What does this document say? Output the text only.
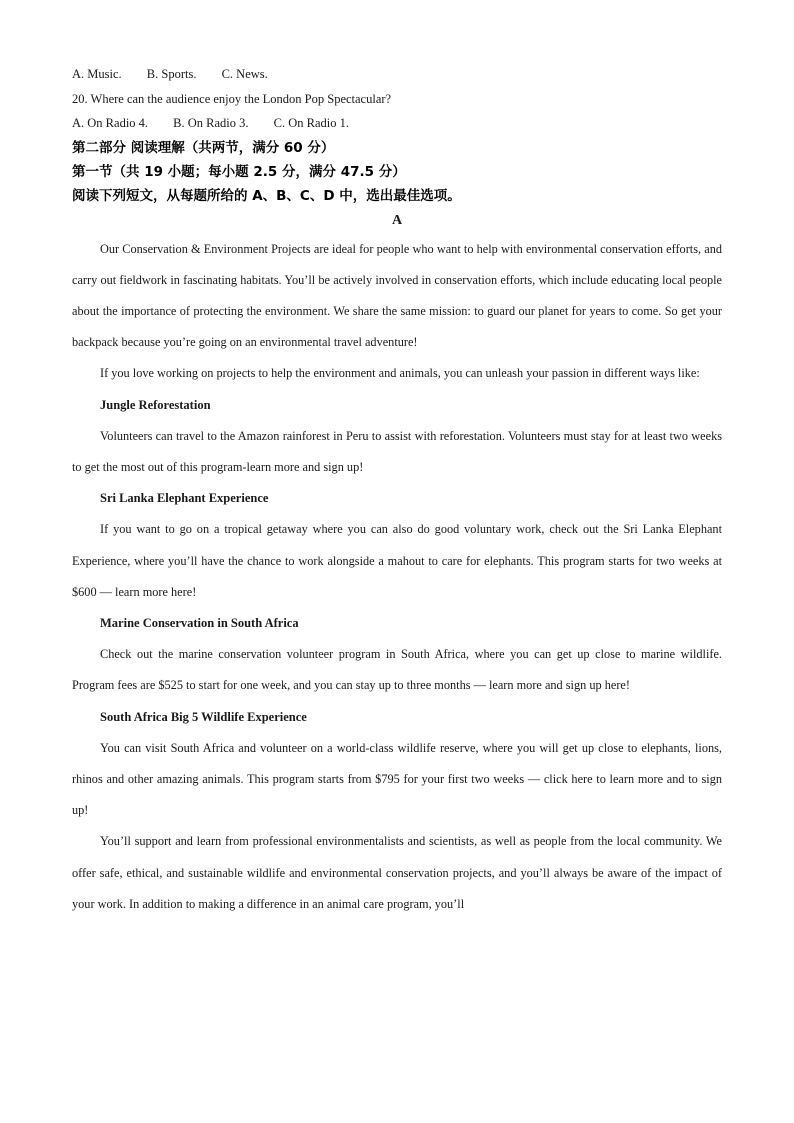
A. Music. B. Sports. C. News.
20. Where can the audience enjoy the London Pop Spectacular?
A. On Radio 4. B. On Radio 3. C. On Radio 1.
第二部分 阅读理解（共两节，满分 60 分）
第一节（共 19 小题；每小题 2.5 分，满分 47.5 分）
阅读下列短文，从每题所给的 A、B、C、D 中，选出最佳选项。
A

Our Conservation & Environment Projects are ideal for people who want to help with environmental conservation efforts, and carry out fieldwork in fascinating habitats. You’ll be actively involved in conservation efforts, which include educating local people about the importance of protecting the environment. We share the same mission: to guard our planet for years to come. So get your backpack because you’re going on an environmental travel adventure!

If you love working on projects to help the environment and animals, you can unleash your passion in different ways like:

Jungle Reforestation

Volunteers can travel to the Amazon rainforest in Peru to assist with reforestation. Volunteers must stay for at least two weeks to get the most out of this program-learn more and sign up!

Sri Lanka Elephant Experience

If you want to go on a tropical getaway where you can also do good voluntary work, check out the Sri Lanka Elephant Experience, where you’ll have the chance to work alongside a mahout to care for elephants. This program starts for two weeks at $600 — learn more here!

Marine Conservation in South Africa

Check out the marine conservation volunteer program in South Africa, where you can get up close to marine wildlife. Program fees are $525 to start for one week, and you can stay up to three months — learn more and sign up here!

South Africa Big 5 Wildlife Experience

You can visit South Africa and volunteer on a world-class wildlife reserve, where you will get up close to elephants, lions, rhinos and other amazing animals. This program starts from $795 for your first two weeks — click here to learn more and to sign up!

You’ll support and learn from professional environmentalists and scientists, as well as people from the local community. We offer safe, ethical, and sustainable wildlife and environmental conservation projects, and you’ll always be aware of the impact of your work. In addition to making a difference in an animal care program, you’ll
